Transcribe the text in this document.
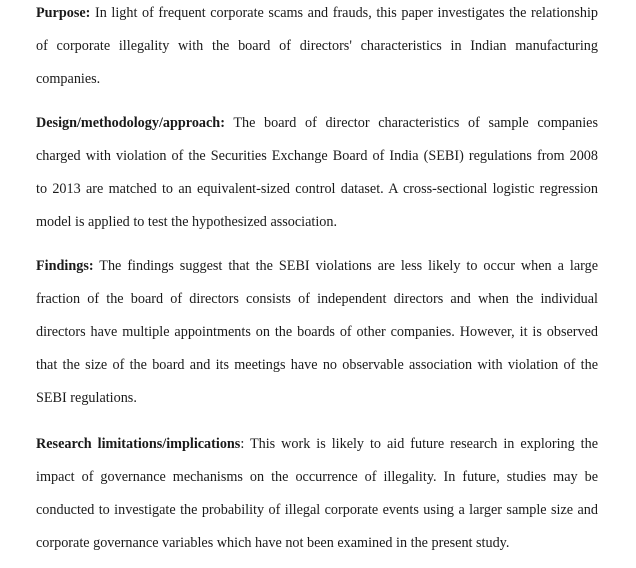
Purpose: In light of frequent corporate scams and frauds, this paper investigates the relationship
of corporate illegality with the board of directors' characteristics in Indian manufacturing
companies.
Design/methodology/approach: The board of director characteristics of sample companies
charged with violation of the Securities Exchange Board of India (SEBI) regulations from 2008
to 2013 are matched to an equivalent-sized control dataset. A cross-sectional logistic regression
model is applied to test the hypothesized association.
Findings: The findings suggest that the SEBI violations are less likely to occur when a large
fraction of the board of directors consists of independent directors and when the individual
directors have multiple appointments on the boards of other companies. However, it is observed
that the size of the board and its meetings have no observable association with violation of the
SEBI regulations.
Research limitations/implications: This work is likely to aid future research in exploring the
impact of governance mechanisms on the occurrence of illegality. In future, studies may be
conducted to investigate the probability of illegal corporate events using a larger sample size and
corporate governance variables which have not been examined in the present study.
